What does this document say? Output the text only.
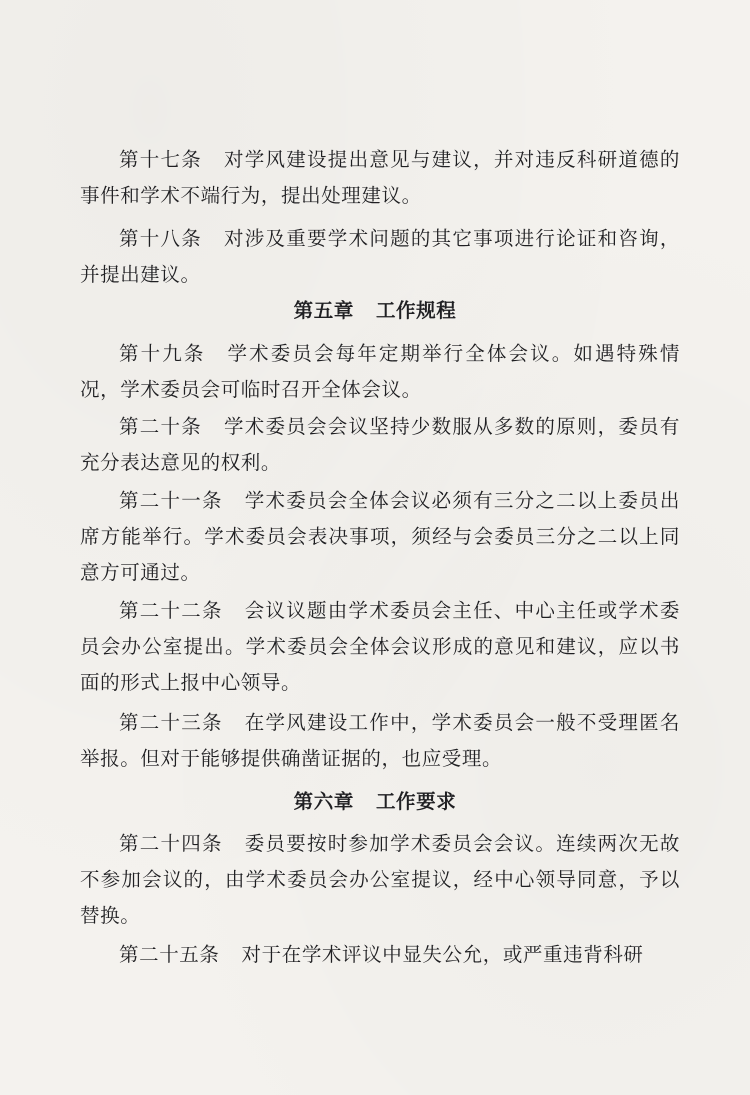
第十七条 对学风建设提出意见与建议，并对违反科研道德的事件和学术不端行为，提出处理建议。

第十八条 对涉及重要学术问题的其它事项进行论证和咨询，并提出建议。

第五章 工作规程

第十九条 学术委员会每年定期举行全体会议。如遇特殊情况，学术委员会可临时召开全体会议。

第二十条 学术委员会会议坚持少数服从多数的原则，委员有充分表达意见的权利。

第二十一条 学术委员会全体会议必须有三分之二以上委员出席方能举行。学术委员会表决事项，须经与会委员三分之二以上同意方可通过。

第二十二条 会议议题由学术委员会主任、中心主任或学术委员会办公室提出。学术委员会全体会议形成的意见和建议，应以书面的形式上报中心领导。

第二十三条 在学风建设工作中，学术委员会一般不受理匿名举报。但对于能够提供确凿证据的，也应受理。

第六章 工作要求

第二十四条 委员要按时参加学术委员会会议。连续两次无故不参加会议的，由学术委员会办公室提议，经中心领导同意，予以替换。

第二十五条 对于在学术评议中显失公允，或严重违背科研
